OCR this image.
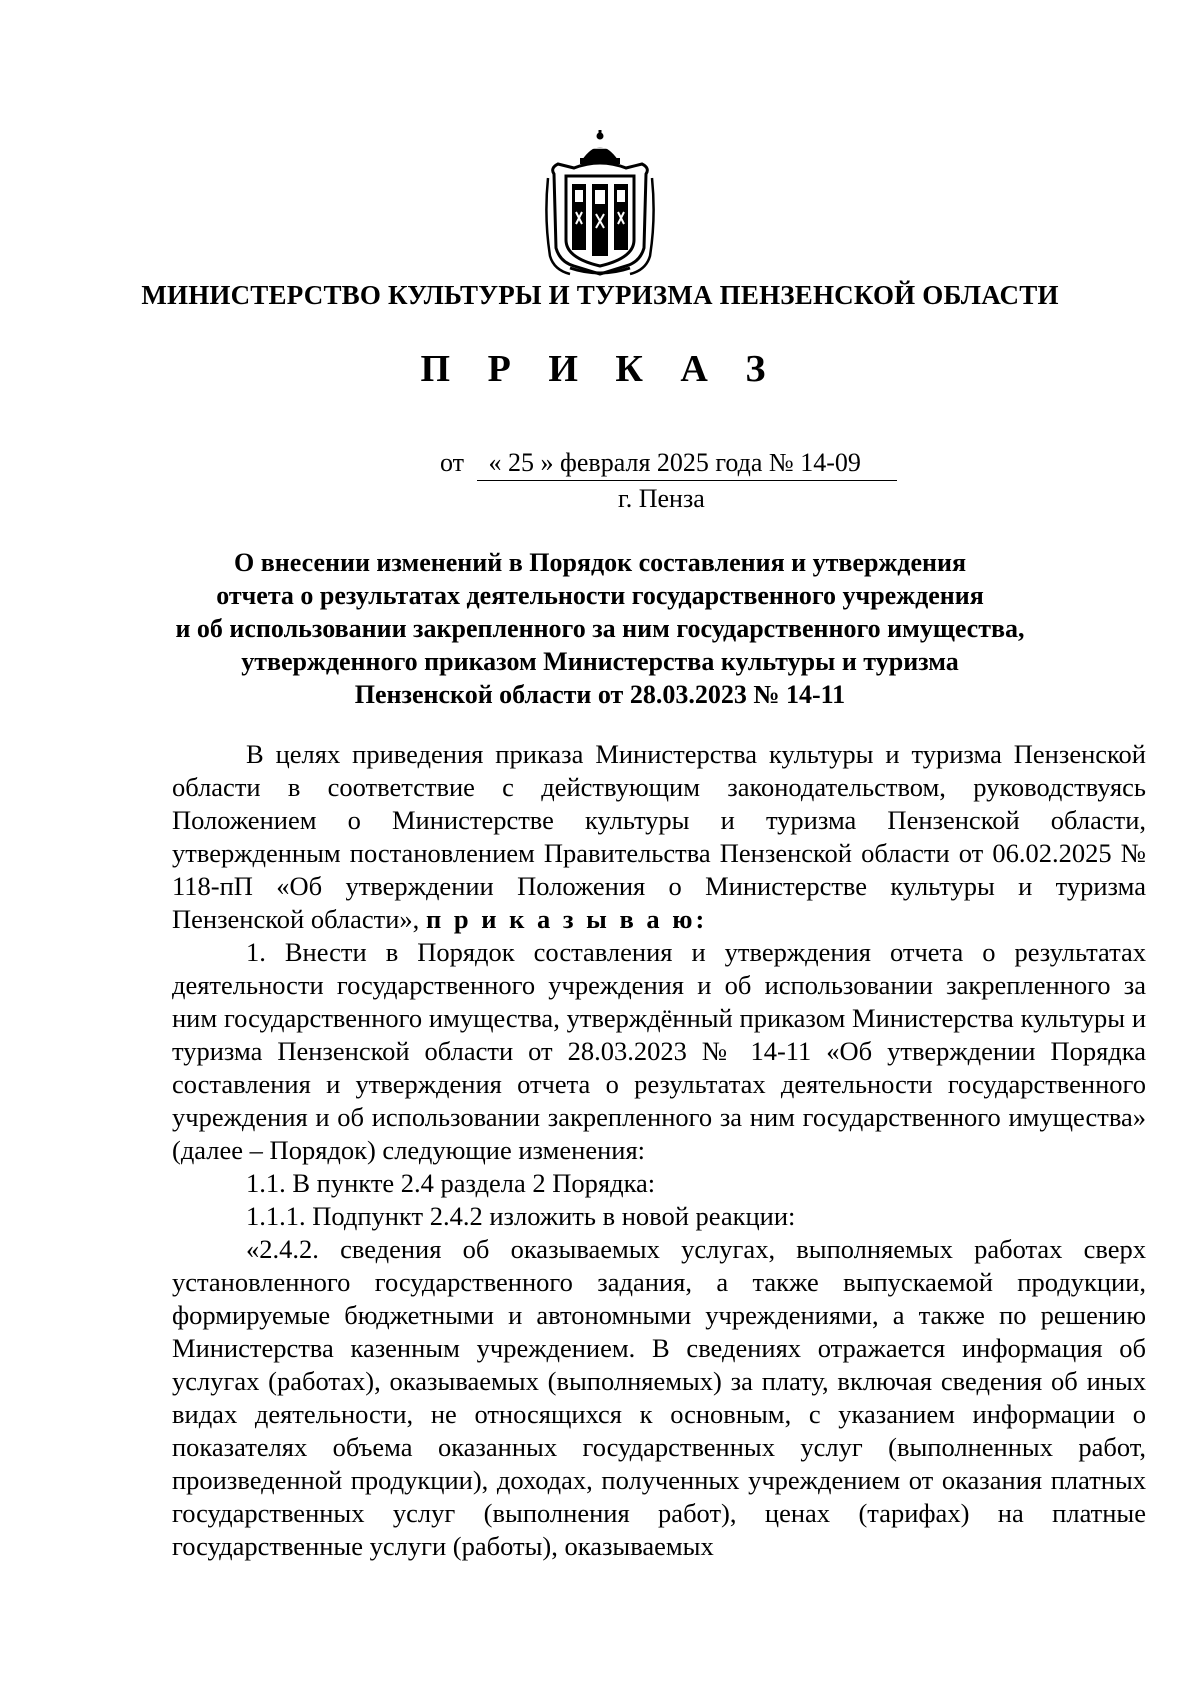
МИНИСТЕРСТВО КУЛЬТУРЫ И ТУРИЗМА ПЕНЗЕНСКОЙ ОБЛАСТИ
П Р И К А З
от « 25 » февраля 2025 года № 14-09
г. Пенза
О внесении изменений в Порядок составления и утверждения
отчета о результатах деятельности государственного учреждения
и об использовании закрепленного за ним государственного имущества,
утвержденного приказом Министерства культуры и туризма
Пензенской области от 28.03.2023 № 14-11

В целях приведения приказа Министерства культуры и туризма Пензенской области в соответствие с действующим законодательством, руководствуясь Положением о Министерстве культуры и туризма Пензенской области, утвержденным постановлением Правительства Пензенской области от 06.02.2025 № 118-пП «Об утверждении Положения о Министерстве культуры и туризма Пензенской области», п р и к а з ы в а ю:

1. Внести в Порядок составления и утверждения отчета о результатах деятельности государственного учреждения и об использовании закрепленного за ним государственного имущества, утверждённый приказом Министерства культуры и туризма Пензенской области от 28.03.2023 № 14-11 «Об утверждении Порядка составления и утверждения отчета о результатах деятельности государственного учреждения и об использовании закрепленного за ним государственного имущества» (далее – Порядок) следующие изменения:

1.1. В пункте 2.4 раздела 2 Порядка:

1.1.1. Подпункт 2.4.2 изложить в новой реакции:

«2.4.2. сведения об оказываемых услугах, выполняемых работах сверх установленного государственного задания, а также выпускаемой продукции, формируемые бюджетными и автономными учреждениями, а также по решению Министерства казенным учреждением. В сведениях отражается информация об услугах (работах), оказываемых (выполняемых) за плату, включая сведения об иных видах деятельности, не относящихся к основным, с указанием информации о показателях объема оказанных государственных услуг (выполненных работ, произведенной продукции), доходах, полученных учреждением от оказания платных государственных услуг (выполнения работ), ценах (тарифах) на платные государственные услуги (работы), оказываемых
